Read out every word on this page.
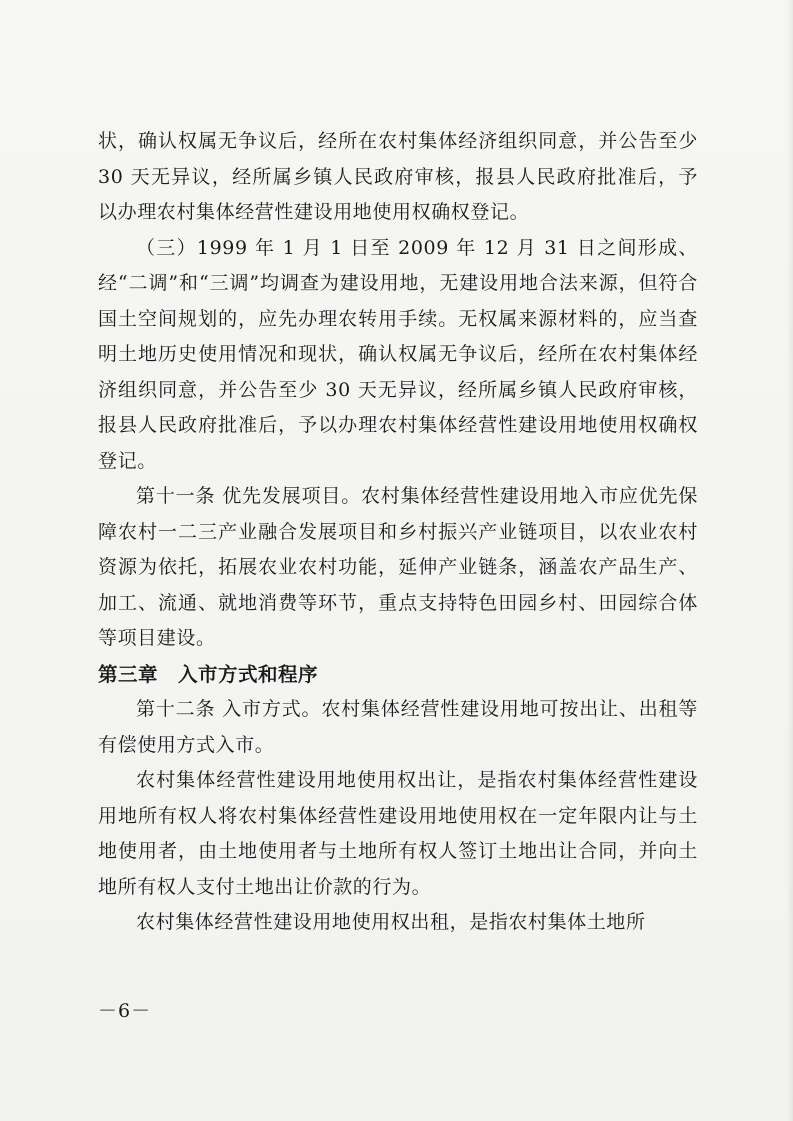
状，确认权属无争议后，经所在农村集体经济组织同意，并公告至少 30 天无异议，经所属乡镇人民政府审核，报县人民政府批准后，予以办理农村集体经营性建设用地使用权确权登记。

（三）1999 年 1 月 1 日至 2009 年 12 月 31 日之间形成、经“二调”和“三调”均调查为建设用地，无建设用地合法来源，但符合国土空间规划的，应先办理农转用手续。无权属来源材料的，应当查明土地历史使用情况和现状，确认权属无争议后，经所在农村集体经济组织同意，并公告至少 30 天无异议，经所属乡镇人民政府审核，报县人民政府批准后，予以办理农村集体经营性建设用地使用权确权登记。

第十一条 优先发展项目。农村集体经营性建设用地入市应优先保障农村一二三产业融合发展项目和乡村振兴产业链项目，以农业农村资源为依托，拓展农业农村功能，延伸产业链条，涵盖农产品生产、加工、流通、就地消费等环节，重点支持特色田园乡村、田园综合体等项目建设。

第三章　入市方式和程序

第十二条 入市方式。农村集体经营性建设用地可按出让、出租等有偿使用方式入市。

农村集体经营性建设用地使用权出让，是指农村集体经营性建设用地所有权人将农村集体经营性建设用地使用权在一定年限内让与土地使用者，由土地使用者与土地所有权人签订土地出让合同，并向土地所有权人支付土地出让价款的行为。

农村集体经营性建设用地使用权出租，是指农村集体土地所

－6－
